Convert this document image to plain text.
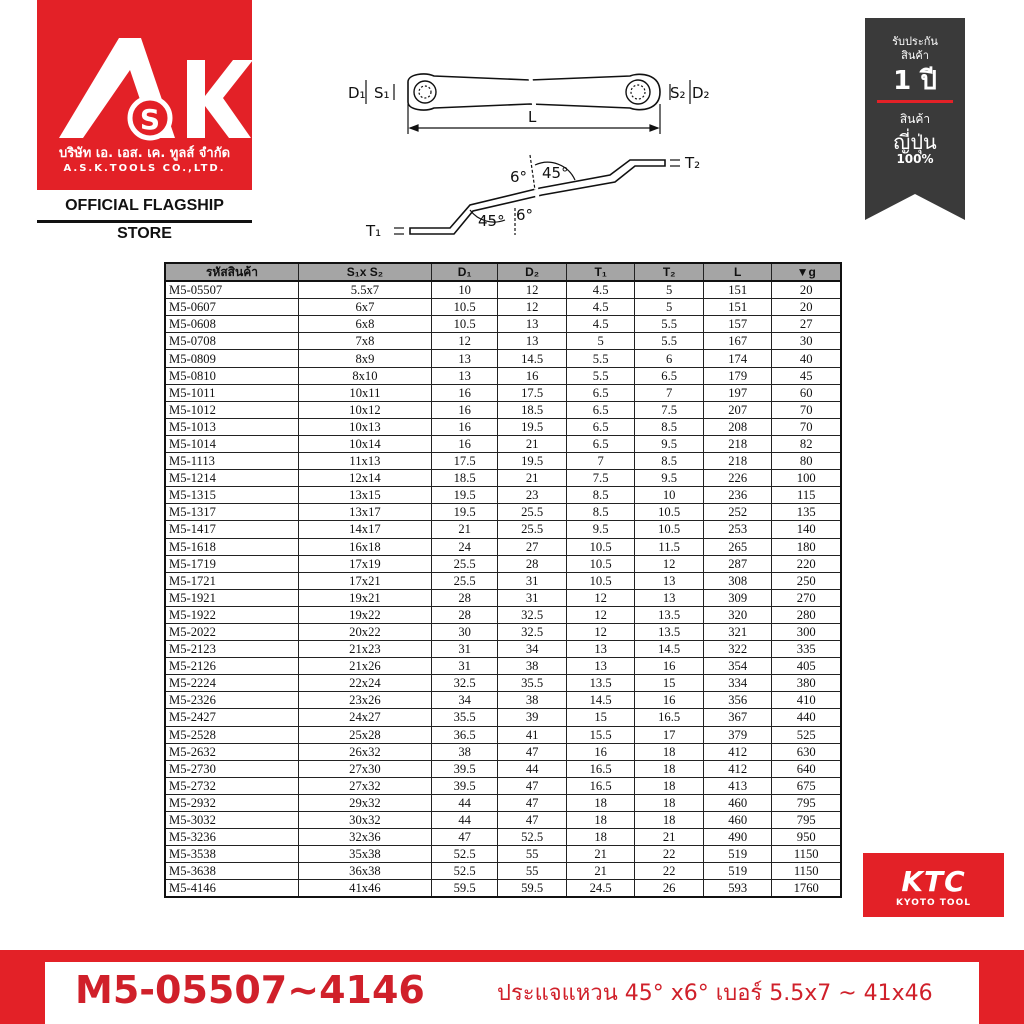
S
บริษัท เอ. เอส. เค. ทูลส์ จำกัด
A.S.K.TOOLS CO.,LTD.
OFFICIAL FLAGSHIP STORE
รับประกัน
สินค้า
1 ปี
สินค้า
ญี่ปุ่น
100%
D₁ S₁	S₂ D₂
L
T₂
T₁
6° 45°
45° 6°
รหัสสินค้า	S₁x S₂	D₁	D₂	T₁	T₂	L	▼g
M5-05507	5.5x7	10	12	4.5	5	151	20
M5-0607	6x7	10.5	12	4.5	5	151	20
M5-0608	6x8	10.5	13	4.5	5.5	157	27
M5-0708	7x8	12	13	5	5.5	167	30
M5-0809	8x9	13	14.5	5.5	6	174	40
M5-0810	8x10	13	16	5.5	6.5	179	45
M5-1011	10x11	16	17.5	6.5	7	197	60
M5-1012	10x12	16	18.5	6.5	7.5	207	70
M5-1013	10x13	16	19.5	6.5	8.5	208	70
M5-1014	10x14	16	21	6.5	9.5	218	82
M5-1113	11x13	17.5	19.5	7	8.5	218	80
M5-1214	12x14	18.5	21	7.5	9.5	226	100
M5-1315	13x15	19.5	23	8.5	10	236	115
M5-1317	13x17	19.5	25.5	8.5	10.5	252	135
M5-1417	14x17	21	25.5	9.5	10.5	253	140
M5-1618	16x18	24	27	10.5	11.5	265	180
M5-1719	17x19	25.5	28	10.5	12	287	220
M5-1721	17x21	25.5	31	10.5	13	308	250
M5-1921	19x21	28	31	12	13	309	270
M5-1922	19x22	28	32.5	12	13.5	320	280
M5-2022	20x22	30	32.5	12	13.5	321	300
M5-2123	21x23	31	34	13	14.5	322	335
M5-2126	21x26	31	38	13	16	354	405
M5-2224	22x24	32.5	35.5	13.5	15	334	380
M5-2326	23x26	34	38	14.5	16	356	410
M5-2427	24x27	35.5	39	15	16.5	367	440
M5-2528	25x28	36.5	41	15.5	17	379	525
M5-2632	26x32	38	47	16	18	412	630
M5-2730	27x30	39.5	44	16.5	18	412	640
M5-2732	27x32	39.5	47	16.5	18	413	675
M5-2932	29x32	44	47	18	18	460	795
M5-3032	30x32	44	47	18	18	460	795
M5-3236	32x36	47	52.5	18	21	490	950
M5-3538	35x38	52.5	55	21	22	519	1150
M5-3638	36x38	52.5	55	21	22	519	1150
M5-4146	41x46	59.5	59.5	24.5	26	593	1760	KTC
KYOTO TOOL
M5-05507~4146	ประแจแหวน 45° x6° เบอร์ 5.5x7 ~ 41x46
